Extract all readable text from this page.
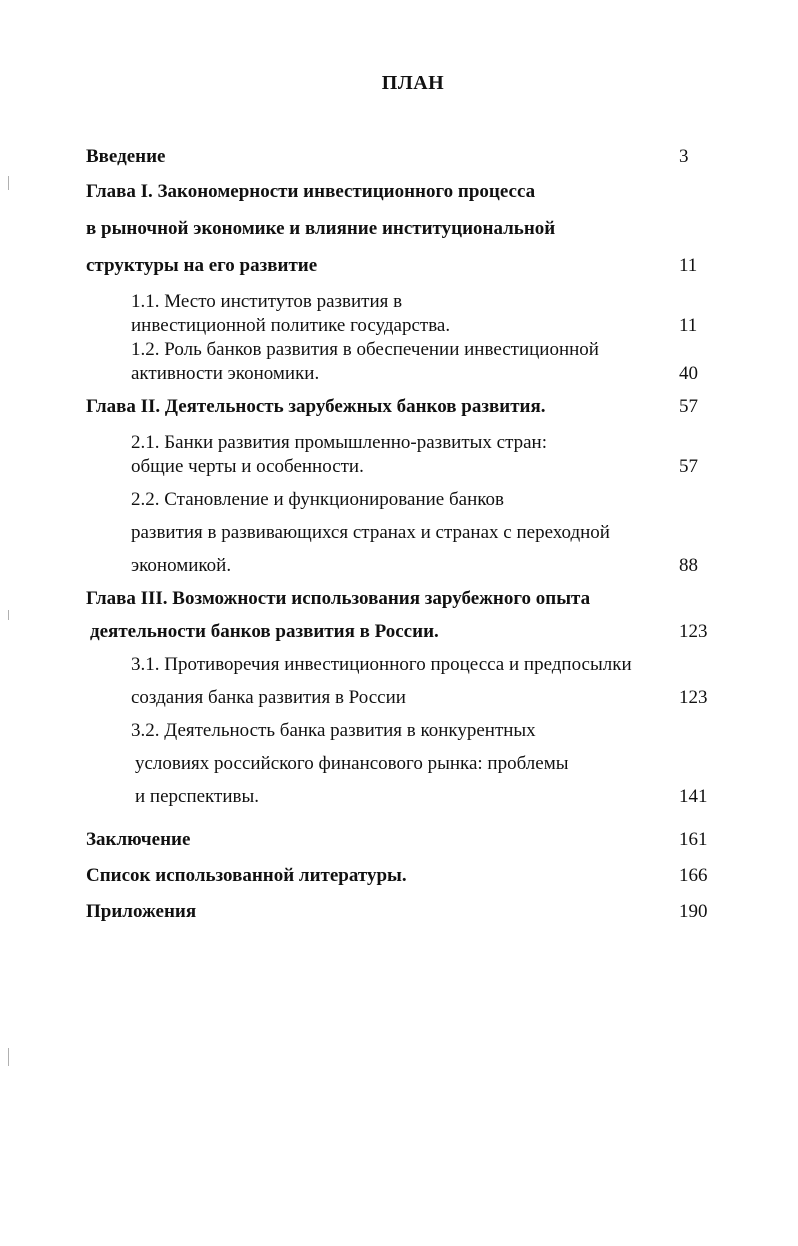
ПЛАН
Введение	3
Глава I. Закономерности инвестиционного процесса
в рыночной экономике и влияние институциональной
структуры на его развитие	11
1.1. Место институтов развития в
инвестиционной политике государства.	11
1.2. Роль банков развития в обеспечении инвестиционной
активности экономики.	40
Глава II. Деятельность зарубежных банков развития.	57
2.1. Банки развития промышленно-развитых стран:
общие черты и особенности.	57
2.2. Становление и функционирование банков
развития в развивающихся странах и странах с переходной
экономикой.	88
Глава III. Возможности использования зарубежного опыта
деятельности банков развития в России.	123
3.1. Противоречия инвестиционного процесса и предпосылки
создания банка развития в России	123
3.2. Деятельность банка развития в конкурентных
условиях российского финансового рынка: проблемы
и перспективы.	141
Заключение	161
Список использованной литературы.	166
Приложения	190
